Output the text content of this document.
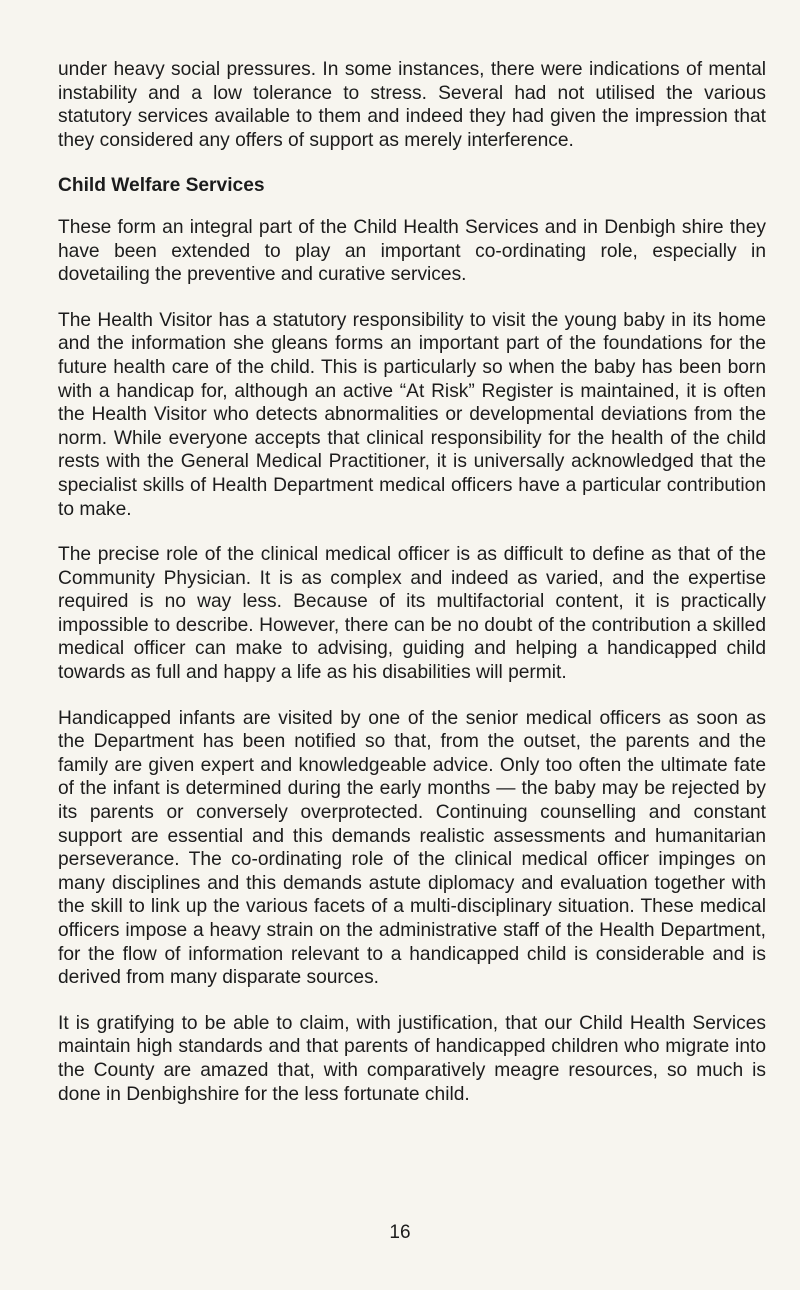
under heavy social pressures. In some instances, there were indications of mental instability and a low tolerance to stress. Several had not utilised the various statutory services available to them and indeed they had given the impression that they considered any offers of support as merely interference.

Child Welfare Services

These form an integral part of the Child Health Services and in Denbigh shire they have been extended to play an important co-ordinating role, especially in dovetailing the preventive and curative services.

The Health Visitor has a statutory responsibility to visit the young baby in its home and the information she gleans forms an important part of the foundations for the future health care of the child. This is particularly so when the baby has been born with a handicap for, although an active “At Risk” Register is maintained, it is often the Health Visitor who detects abnormalities or developmental deviations from the norm. While everyone accepts that clinical responsibility for the health of the child rests with the General Medical Practitioner, it is universally acknowledged that the specialist skills of Health Department medical officers have a particular contribution to make.

The precise role of the clinical medical officer is as difficult to define as that of the Community Physician. It is as complex and indeed as varied, and the expertise required is no way less. Because of its multifactorial content, it is practically impossible to describe. However, there can be no doubt of the contribution a skilled medical officer can make to advising, guiding and helping a handicapped child towards as full and happy a life as his disabilities will permit.

Handicapped infants are visited by one of the senior medical officers as soon as the Department has been notified so that, from the outset, the parents and the family are given expert and knowledgeable advice. Only too often the ultimate fate of the infant is determined during the early months — the baby may be rejected by its parents or conversely overprotected. Continuing counselling and constant support are essential and this demands realistic assessments and humanitarian perseverance. The co-ordinating role of the clinical medical officer impinges on many disciplines and this demands astute diplomacy and evaluation together with the skill to link up the various facets of a multi-disciplinary situation. These medical officers impose a heavy strain on the administrative staff of the Health Department, for the flow of information relevant to a handicapped child is considerable and is derived from many disparate sources.

It is gratifying to be able to claim, with justification, that our Child Health Services maintain high standards and that parents of handicapped children who migrate into the County are amazed that, with comparatively meagre resources, so much is done in Denbighshire for the less fortunate child.

16
